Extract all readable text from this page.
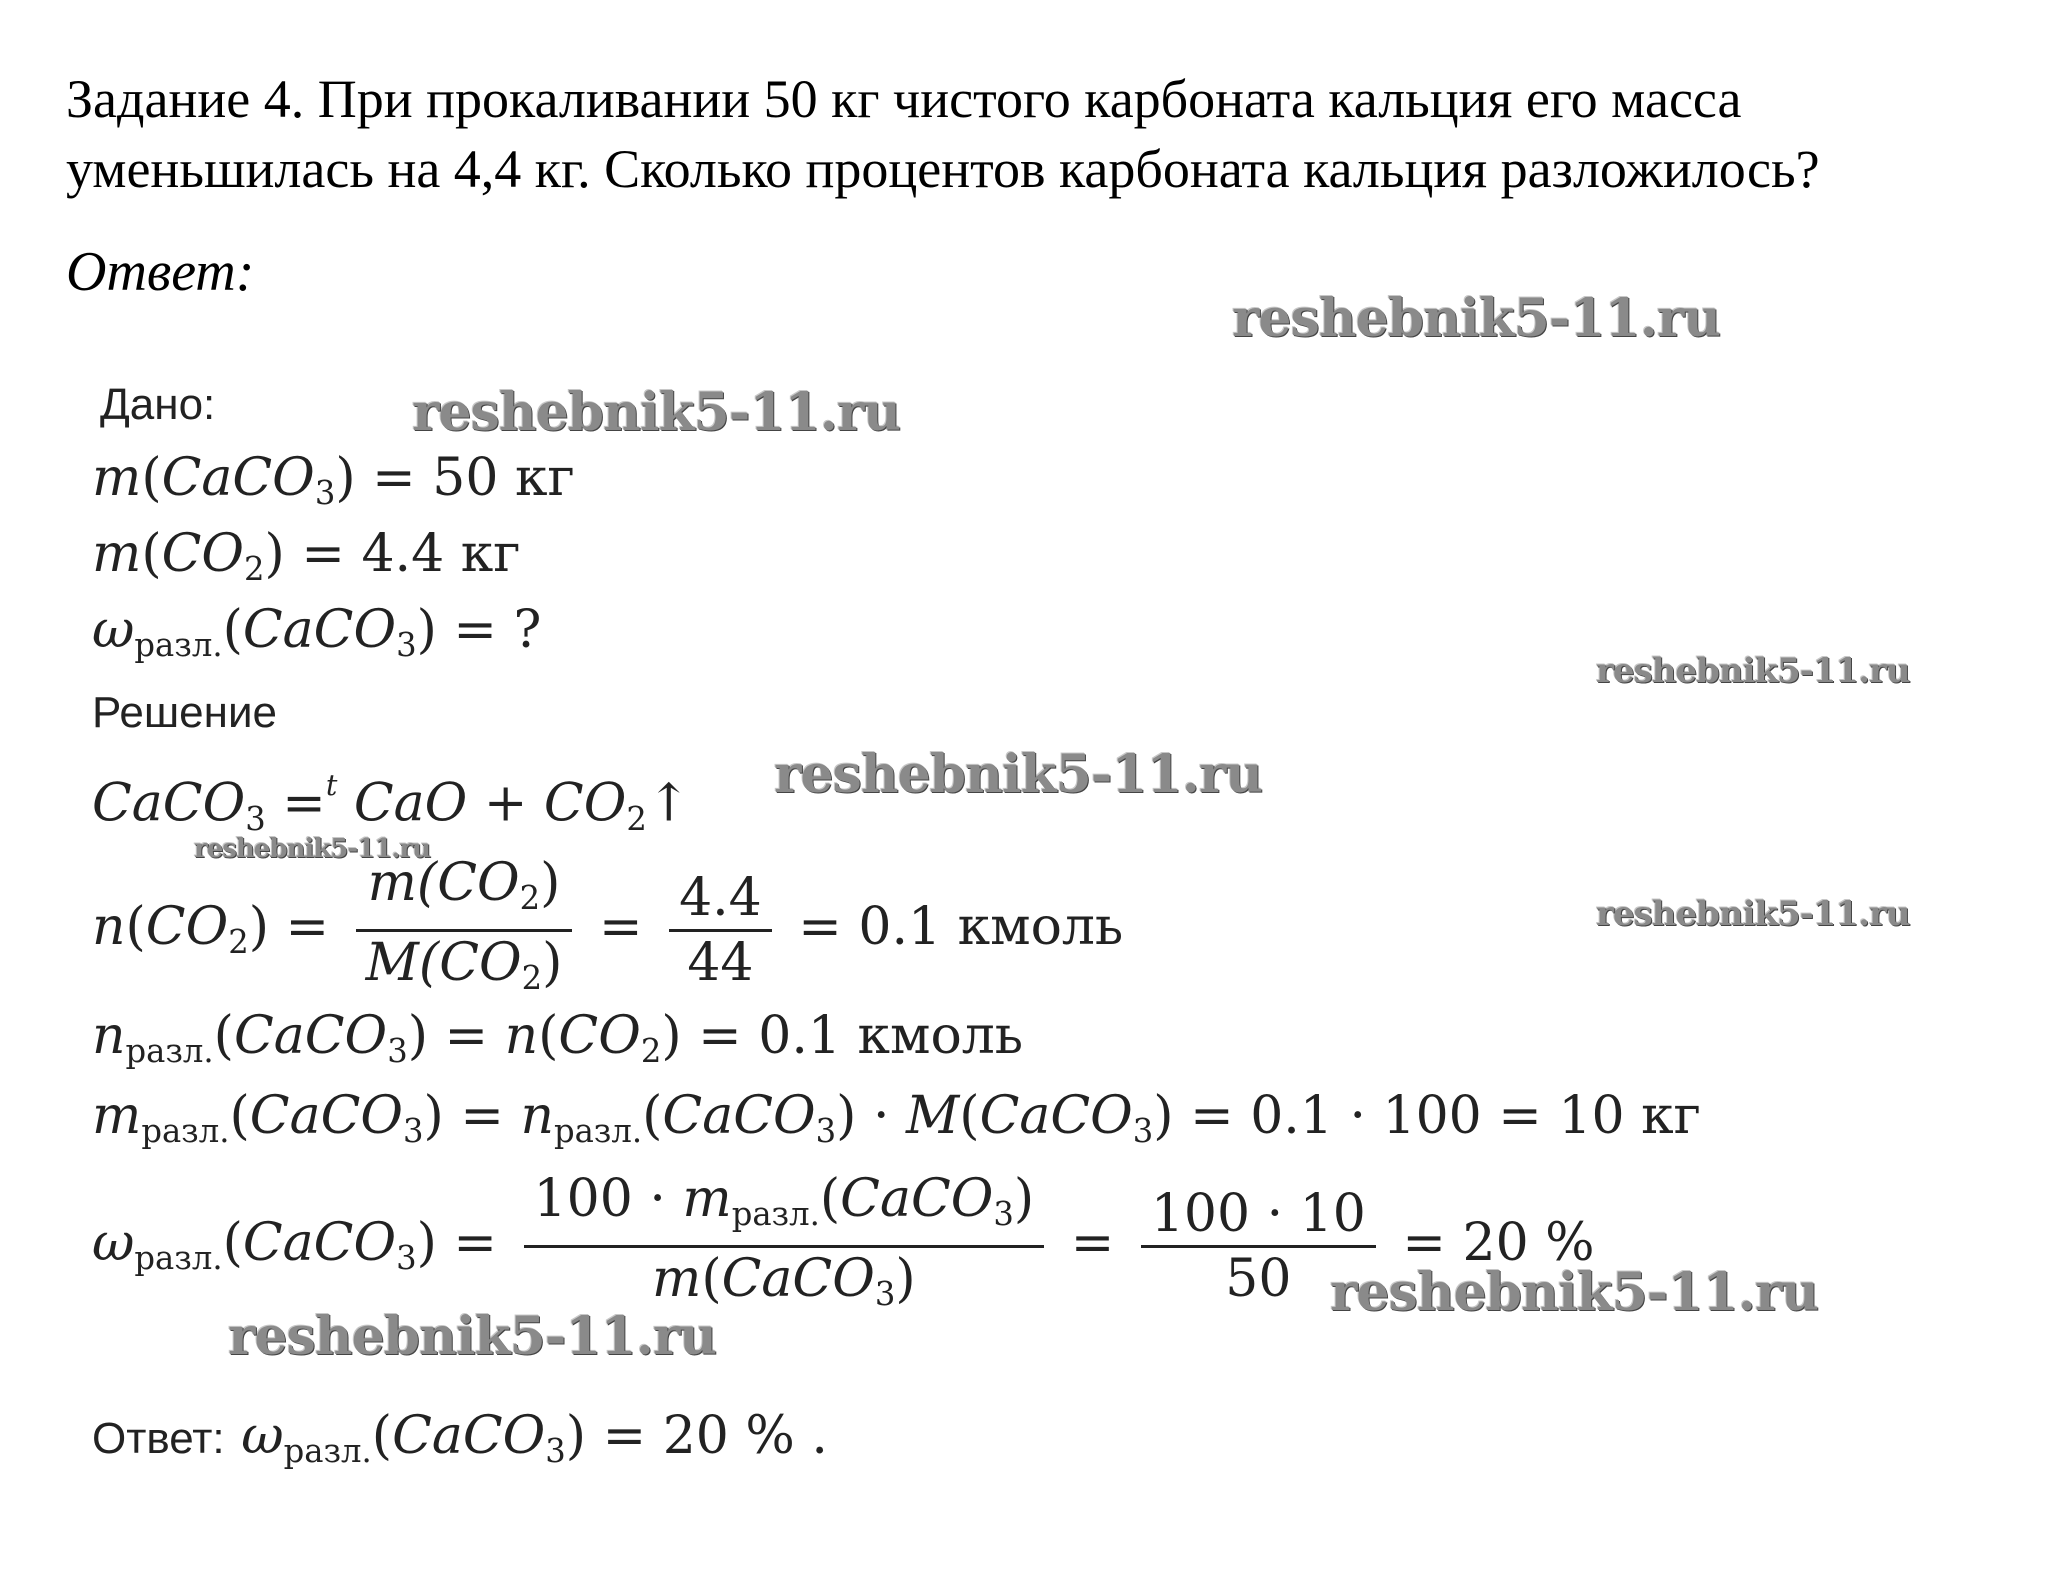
Задание 4. При прокаливании 50 кг чистого карбоната кальция его масса уменьшилась на 4,4 кг. Сколько процентов карбоната кальция разложилось?

Ответ:
reshebnik5-11.ru
reshebnik5-11.ru
reshebnik5-11.ru
reshebnik5-11.ru
reshebnik5-11.ru
reshebnik5-11.ru
reshebnik5-11.ru
reshebnik5-11.ru
Дано:
m(CaCO$_3$) = 50 кг
$m(CO_2) = 4.4$ кг
$\omega_{разл.}(CaCO_3)$ = ?
Решение
CaCO$_3$ =$^t$ CaO + $CO_2↑$
$n(CO_2) = \frac{m(CO_2)}{M(CO_2)} = \frac{4.4}{44} = 0.1$ кмоль
$n_{разл.}(CaCO_3) = n(CO_2) = 0.1$ кмоль
$m_{разл.}(CaCO_3)$ = $n_{разл.}(CaCO_3)$ · M(CaCO$_3$) = 0.1 · 100 = 10 кг
$\omega_{разл.}(CaCO_3) = \frac{100 \cdot m_{разл.}(CaCO_3)}{m(CaCO_3)} = \frac{100 \cdot 10}{50} = 20$ %
Ответ: $\omega_{разл.}(CaCO_3) = 20$ % .
